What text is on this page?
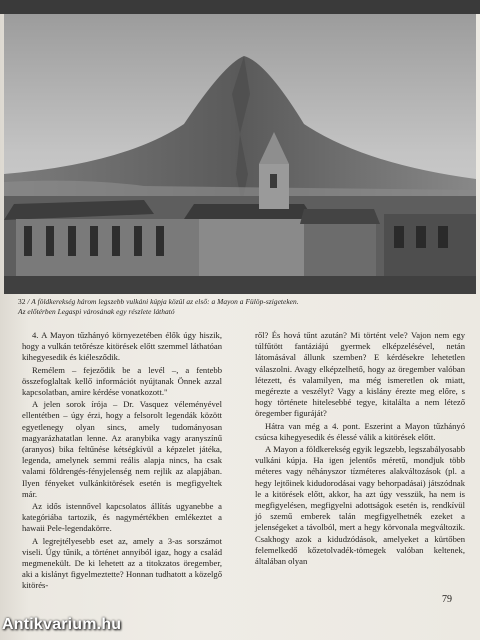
32 / A földkerekség három legszebb vulkáni kúpja közül az első: a Mayon a Fülöp-szigeteken.
Az előtérben Legaspi városának egy részlete látható

4. A Mayon tűzhányó környezetében élők úgy hiszik, hogy a vulkán tetőrésze kitörések előtt szemmel láthatóan kihegyesedik és kiélesződik.

Remélem – fejeződik be a levél –, a fentebb összefoglaltak kellő információt nyújtanak Önnek azzal kapcsolatban, amire kérdése vonatkozott."

A jelen sorok írója – Dr. Vasquez véleményével ellentétben – úgy érzi, hogy a felsorolt legendák között egyetlenegy olyan sincs, amely tudományosan magyarázhatatlan lenne. Az aranybika vagy aranyszínű (aranyos) bika feltűnése kétségkívül a képzelet játéka, legenda, amelynek semmi reális alapja nincs, ha csak valami földrengés-fényjelenség nem rejlik az alapjában. Ilyen fényeket vulkánkitörések esetén is megfigyeltek már.

Az idős istennővel kapcsolatos állítás ugyanebbe a kategóriába tartozik, és nagymértékben emlékeztet a hawaii Pele-legendakörre.

A legrejtélyesebb eset az, amely a 3-as sorszámot viseli. Úgy tűnik, a történet annyiból igaz, hogy a család megmenekült. De ki lehetett az a titokzatos öregember, aki a kislányt figyelmeztette? Honnan tudhatott a közelgő kitörés-

ről? És hová tűnt azután? Mi történt vele? Vajon nem egy túlfűtött fantáziájú gyermek elképzelésével, netán látomásával állunk szemben? E kérdésekre lehetetlen válaszolni. Avagy elképzelhető, hogy az öregember valóban létezett, és valamilyen, ma még ismeretlen ok miatt, megérezte a veszélyt? Vagy a kislány érezte meg előre, s hogy története hitelesebbé tegye, kitalálta a nem létező öregember figuráját?

Hátra van még a 4. pont. Eszerint a Mayon tűzhányó csúcsa kihegyesedik és élessé válik a kitörések előtt.

A Mayon a földkerekség egyik legszebb, legszabályosabb vulkáni kúpja. Ha igen jelentős méretű, mondjuk több méteres vagy néhányszor tízméteres alakváltozások (pl. a hegy lejtőinek kidudorodásai vagy behorpadásai) játszódnak le a kitörések előtt, akkor, ha azt úgy vesszük, ha nem is megfigyelésen, megfigyelni adottságok esetén is, rendkívül jó szemű emberek talán megfigyelhetnék ezeket a jelenségeket a távolból, mert a hegy körvonala megváltozik. Csakhogy azok a kidudzódások, amelyeket a kürtőben felemelkedő kőzetolvadék-tömegek valóban keltenek, általában olyan

79
Antikvarium.hu
